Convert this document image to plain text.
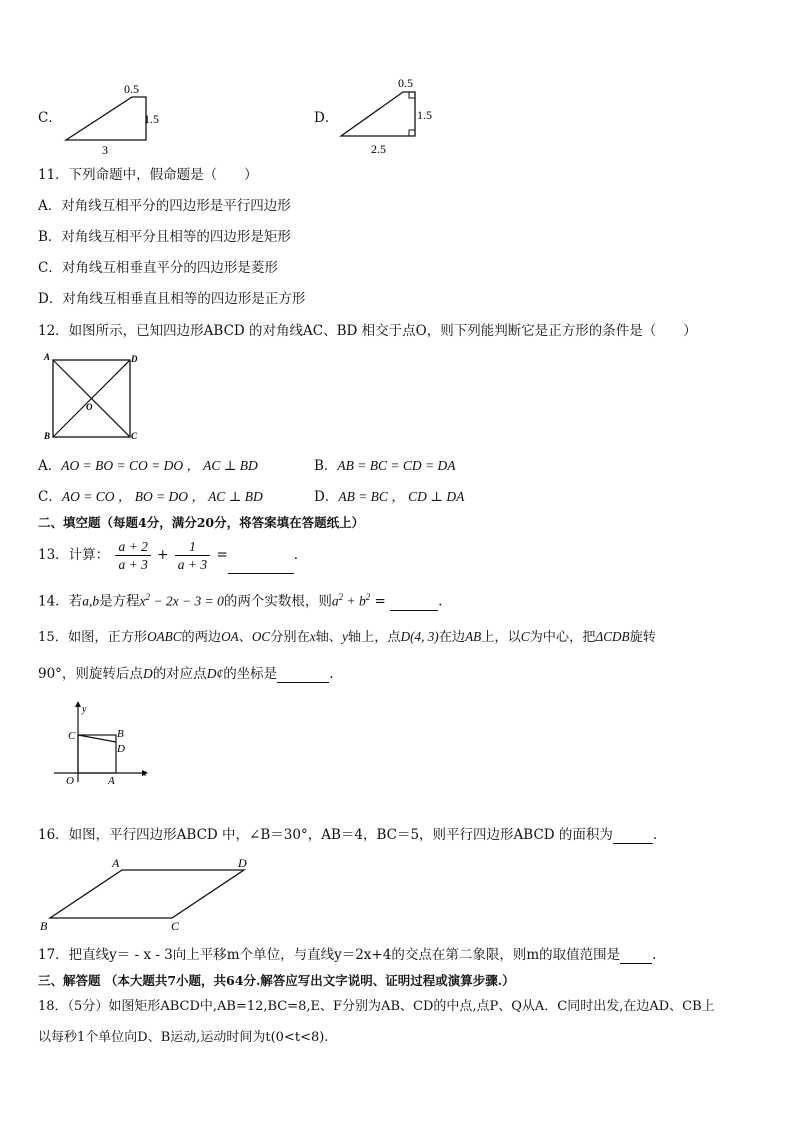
C．
0.5
1.5
3
D．
0.5
1.5
2.5
11．下列命题中，假命题是（　　）
A．对角线互相平分的四边形是平行四边形
B．对角线互相平分且相等的四边形是矩形
C．对角线互相垂直平分的四边形是菱形
D．对角线互相垂直且相等的四边形是正方形
12．如图所示，已知四边形ABCD 的对角线AC、BD 相交于点O，则下列能判断它是正方形的条件是（　　）
A	D
B	C
O
A．AO = BO = CO = DO ， AC ⊥ BD	B．AB = BC = CD = DA
C．AO = CO ， BO = DO ， AC ⊥ BD	D．AB = BC ， CD ⊥ DA
二、填空题（每题4分，满分20分，将答案填在答题纸上）
13．计算： $\frac{a + 2}{a + 3} + \frac{1}{a + 3}$ =	.
14．若a,b是方程$x^2 - 2x - 3 = 0$的两个实数根，则$a^2 + b^2$ =	.
15．如图，正方形OABC的两边OA、OC分别在x轴、y轴上，点D(4, 3)在边AB上，以C为中心，把ΔCDB旋转
90°，则旋转后点D的对应点D¢的坐标是	.
y
x
C	B
D
O	A
16．如图，平行四边形ABCD 中，∠B＝30°，AB＝4，BC＝5，则平行四边形ABCD 的面积为	.
A	D
B	C
17．把直线y＝ - x - 3向上平移m个单位，与直线y＝2x+4的交点在第二象限，则m的取值范围是 .
三、解答题 （本大题共7小题，共64分.解答应写出文字说明、证明过程或演算步骤.）
18．（5分）如图矩形ABCD中,AB=12,BC=8,E、F分别为AB、CD的中点,点P、Q从A．C同时出发,在边AD、CB上
以每秒1个单位向D、B运动,运动时间为t(0<t<8).
